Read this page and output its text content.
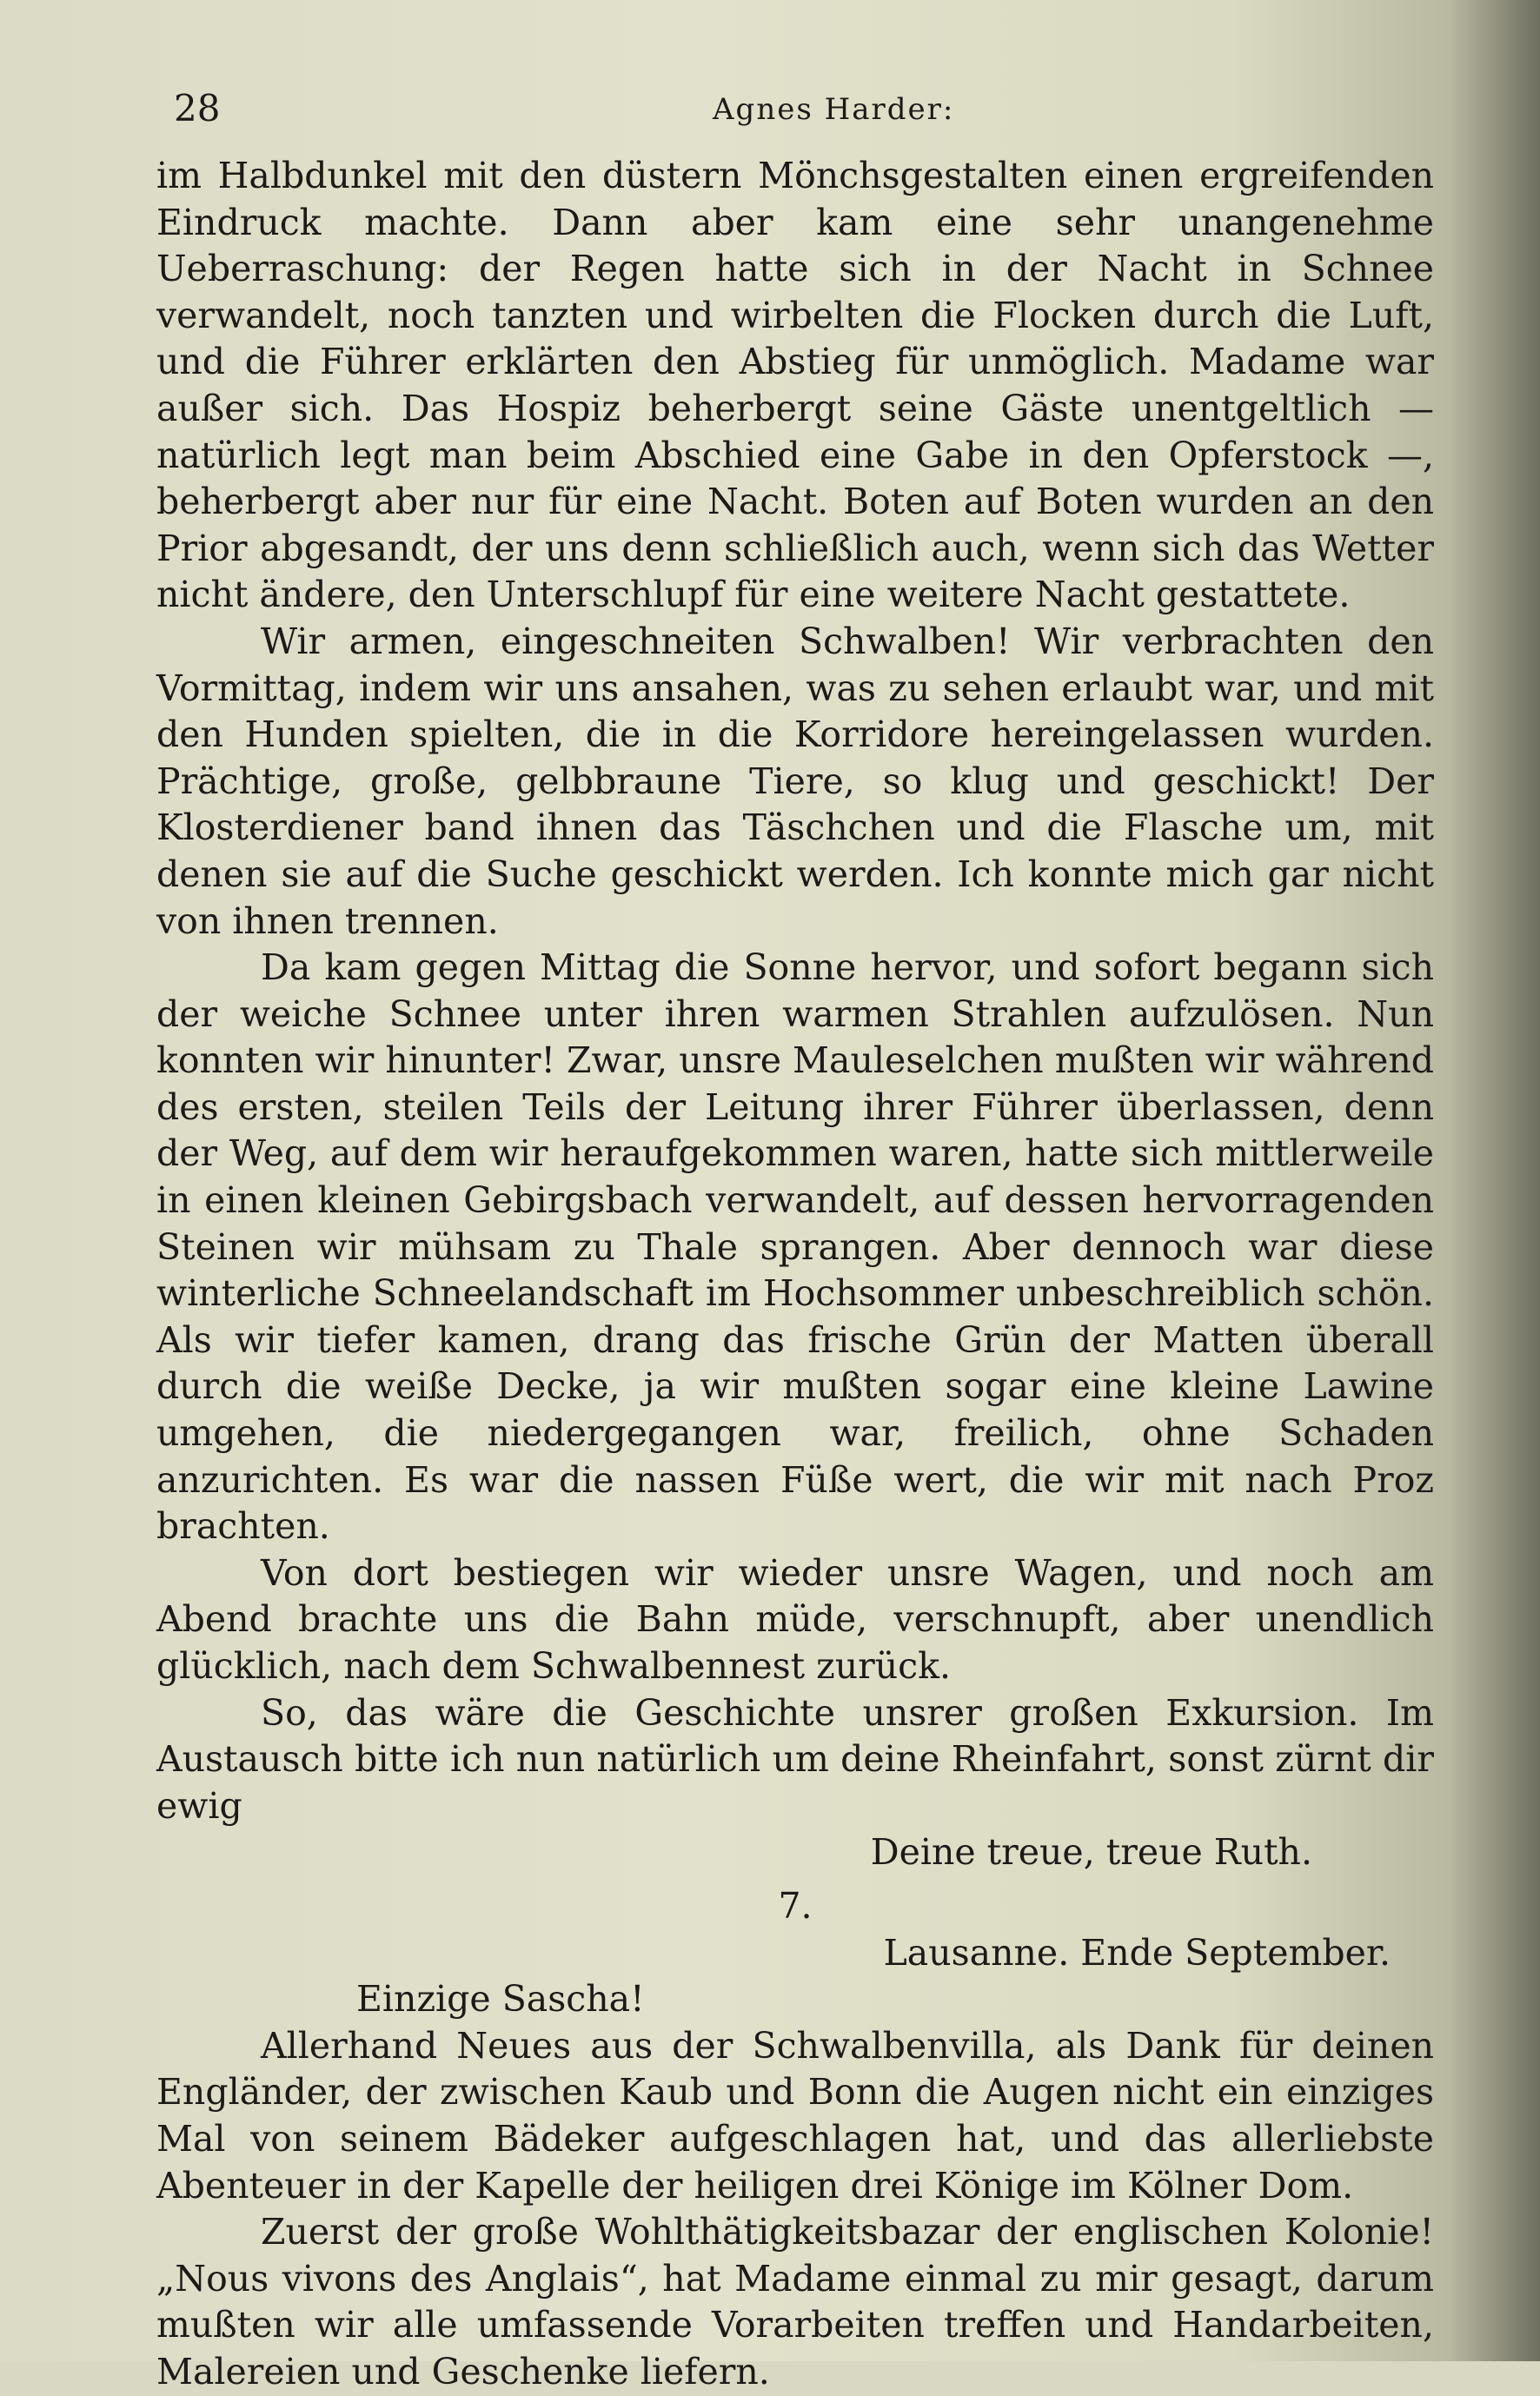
28	Agnes Harder:

im Halbdunkel mit den düstern Mönchsgestalten einen ergreifenden Eindruck machte. Dann aber kam eine sehr unangenehme Ueberraschung: der Regen hatte sich in der Nacht in Schnee verwandelt, noch tanzten und wirbelten die Flocken durch die Luft, und die Führer erklärten den Abstieg für unmöglich. Madame war außer sich. Das Hospiz beherbergt seine Gäste unentgeltlich — natürlich legt man beim Abschied eine Gabe in den Opferstock —, beherbergt aber nur für eine Nacht. Boten auf Boten wurden an den Prior abgesandt, der uns denn schließlich auch, wenn sich das Wetter nicht ändere, den Unterschlupf für eine weitere Nacht gestattete.

Wir armen, eingeschneiten Schwalben! Wir verbrachten den Vormittag, indem wir uns ansahen, was zu sehen erlaubt war, und mit den Hunden spielten, die in die Korridore hereingelassen wurden. Prächtige, große, gelbbraune Tiere, so klug und geschickt! Der Klosterdiener band ihnen das Täschchen und die Flasche um, mit denen sie auf die Suche geschickt werden. Ich konnte mich gar nicht von ihnen trennen.

Da kam gegen Mittag die Sonne hervor, und sofort begann sich der weiche Schnee unter ihren warmen Strahlen aufzulösen. Nun konnten wir hinunter! Zwar, unsre Mauleselchen mußten wir während des ersten, steilen Teils der Leitung ihrer Führer überlassen, denn der Weg, auf dem wir heraufgekommen waren, hatte sich mittlerweile in einen kleinen Gebirgsbach verwandelt, auf dessen hervorragenden Steinen wir mühsam zu Thale sprangen. Aber dennoch war diese winterliche Schneelandschaft im Hochsommer unbeschreiblich schön. Als wir tiefer kamen, drang das frische Grün der Matten überall durch die weiße Decke, ja wir mußten sogar eine kleine Lawine umgehen, die niedergegangen war, freilich, ohne Schaden anzurichten. Es war die nassen Füße wert, die wir mit nach Proz brachten.

Von dort bestiegen wir wieder unsre Wagen, und noch am Abend brachte uns die Bahn müde, verschnupft, aber unendlich glücklich, nach dem Schwalbennest zurück.

So, das wäre die Geschichte unsrer großen Exkursion. Im Austausch bitte ich nun natürlich um deine Rheinfahrt, sonst zürnt dir ewig

Deine treue, treue Ruth.

7.

Lausanne. Ende September.

Einzige Sascha!

Allerhand Neues aus der Schwalbenvilla, als Dank für deinen Engländer, der zwischen Kaub und Bonn die Augen nicht ein einziges Mal von seinem Bädeker aufgeschlagen hat, und das allerliebste Abenteuer in der Kapelle der heiligen drei Könige im Kölner Dom.

Zuerst der große Wohlthätigkeitsbazar der englischen Kolonie! „Nous vivons des Anglais“, hat Madame einmal zu mir gesagt, darum mußten wir alle umfassende Vorarbeiten treffen und Handarbeiten, Malereien und Geschenke liefern.
